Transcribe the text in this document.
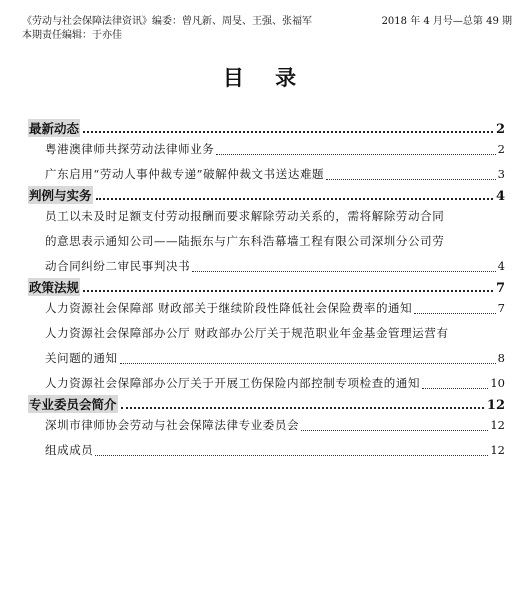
《劳动与社会保障法律资讯》编委：曾凡新、周旻、王强、张福军	2018 年 4 月号—总第 49 期
本期责任编辑：于亦佳
目 录
最新动态	2
粤港澳律师共探劳动法律师业务	2
广东启用“劳动人事仲裁专递”破解仲裁文书送达难题	3
判例与实务	4
员工以未及时足额支付劳动报酬而要求解除劳动关系的，需将解除劳动合同
的意思表示通知公司——陆振东与广东科浩幕墙工程有限公司深圳分公司劳
动合同纠纷二审民事判决书	4
政策法规	7
人力资源社会保障部 财政部关于继续阶段性降低社会保险费率的通知	7
人力资源社会保障部办公厅 财政部办公厅关于规范职业年金基金管理运营有
关问题的通知	8
人力资源社会保障部办公厅关于开展工伤保险内部控制专项检查的通知	10
专业委员会简介	12
深圳市律师协会劳动与社会保障法律专业委员会	12
组成成员	12
